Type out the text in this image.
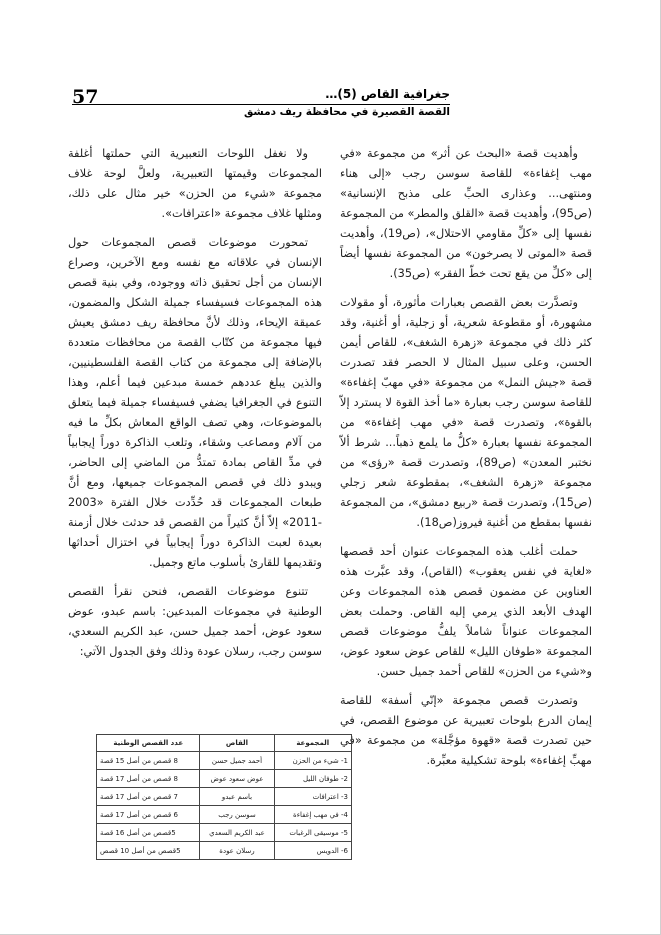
57	جغرافية القاص (5)…
القصة القصيرة في محافظة ريف دمشق

وأهديت قصة «البحث عن أثر» من مجموعة «في مهب إغفاءة» للقاصة سوسن رجب «إلى هناء ومنتهى... وعذارى الحبِّ على مذبح الإنسانية» (ص95)، وأهديت قصة «القلق والمطر» من المجموعة نفسها إلى «كلِّ مقاومي الاحتلال»، (ص19)، وأهديت قصة «الموتى لا يصرخون» من المجموعة نفسها أيضاً إلى «كلِّ من يقع تحت خطّ الفقر» (ص35).

وتصدَّرت بعض القصص بعبارات مأثورة، أو مقولات مشهورة، أو مقطوعة شعرية، أو زجلية، أو أغنية، وقد كثر ذلك في مجموعة «زهرة الشغف»، للقاص أيمن الحسن، وعلى سبيل المثال لا الحصر فقد تصدرت قصة «جيش النمل» من مجموعة «في مهبّ إغفاءة» للقاصة سوسن رجب بعبارة «ما أخذ القوة لا يسترد إلاّ بالقوة»، وتصدرت قصة «في مهب إغفاءة» من المجموعة نفسها بعبارة «كلُّ ما يلمع ذهباً... شرط ألاّ نختبر المعدن» (ص89)، وتصدرت قصة «رؤى» من مجموعة «زهرة الشغف»، بمقطوعة شعر زجلي (ص15)، وتصدرت قصة «ربيع دمشق»، من المجموعة نفسها بمقطع من أغنية فيروز(ص18).

حملت أغلب هذه المجموعات عنوان أحد قصصها «لغاية في نفس يعقوب» (القاص)، وقد عبَّرت هذه العناوين عن مضمون قصص هذه المجموعات وعن الهدف الأبعد الذي يرمي إليه القاص. وحملت بعض المجموعات عنواناً شاملاً يلفُّ موضوعات قصص المجموعة «طوفان الليل» للقاص عوض سعود عوض، و«شيء من الحزن» للقاص أحمد جميل حسن.

وتصدرت قصص مجموعة «إنّي أسفة» للقاصة إيمان الدرع بلوحات تعبيرية عن موضوع القصص، في حين تصدرت قصة «قهوة مؤجَّلة» من مجموعة «في مهبِّ إغفاءة» بلوحة تشكيلية معبِّرة.

ولا نغفل اللوحات التعبيرية التي حملتها أغلفة المجموعات وقيمتها التعبيرية، ولعلَّ لوحة غلاف مجموعة «شيء من الحزن» خير مثال على ذلك، ومثلها غلاف مجموعة «اعترافات».

تمحورت موضوعات قصص المجموعات حول الإنسان في علاقاته مع نفسه ومع الآخرين، وصراع الإنسان من أجل تحقيق ذاته ووجوده، وفي بنية قصص هذه المجموعات فسيفساء جميلة الشكل والمضمون، عميقة الإيحاء، وذلك لأنَّ محافظة ريف دمشق يعيش فيها مجموعة من كتّاب القصة من محافظات متعددة بالإضافة إلى مجموعة من كتاب القصة الفلسطينيين، والذين يبلغ عددهم خمسة مبدعين فيما أعلم، وهذا التنوع في الجغرافيا يضفي فسيفساء جميلة فيما يتعلق بالموضوعات، وهي تصف الواقع المعاش بكلِّ ما فيه من آلام ومصاعب وشقاء، وتلعب الذاكرة دوراً إيجابياً في مدِّ القاص بمادة تمتدُّ من الماضي إلى الحاضر، ويبدو ذلك في قصص المجموعات جميعها، ومع أنَّ طبعات المجموعات قد حُدِّدت خلال الفترة «2003 -2011» إلاّ أنَّ كثيراً من القصص قد حدثت خلال أزمنة بعيدة لعبت الذاكرة دوراً إيجابياً في اختزال أحداثها وتقديمها للقارئ بأسلوب ماتع وجميل.

تتنوع موضوعات القصص، فنحن نقرأ القصص الوطنية في مجموعات المبدعين: باسم عبدو، عوض سعود عوض، أحمد جميل حسن، عبد الكريم السعدي، سوسن رجب، رسلان عودة وذلك وفق الجدول الآتي:

المجموعة	القاص	عدد القصص الوطنية
1- شيء من الحزن	أحمد جميل حسن	8 قصص من أصل 15 قصة
2- طوفان الليل	عوض سعود عوض	8 قصص من أصل 17 قصة
3- اعترافات	باسم عبدو	7 قصص من أصل 17 قصة
4- في مهب إغفاءة	سوسن رجب	6 قصص من أصل 17 قصة
5- موسيقى الرغبات	عبد الكريم السعدي	5قصص من أصل 16 قصة
6- الدويس	رسلان عودة	5قصص من أصل 10 قصص
